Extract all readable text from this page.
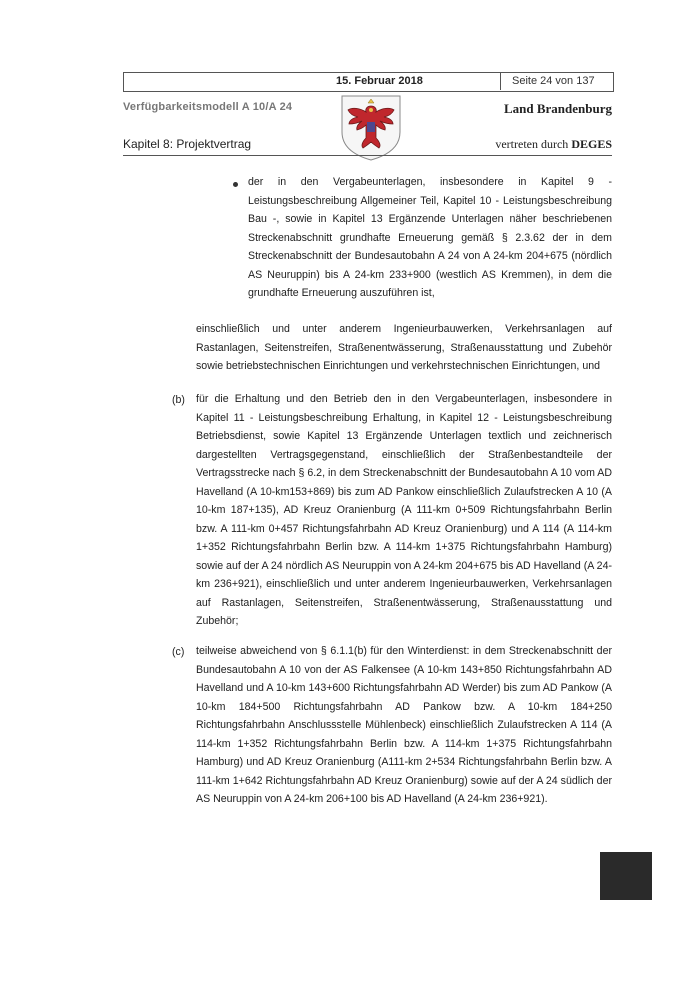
15. Februar 2018	Seite 24 von 137
Verfügbarkeitsmodell A 10/A 24
Kapitel 8: Projektvertrag
Land Brandenburg
vertreten durch DEGES
der in den Vergabeunterlagen, insbesondere in Kapitel 9 - Leistungsbeschreibung Allgemeiner Teil, Kapitel 10 - Leistungsbeschreibung Bau -, sowie in Kapitel 13 Ergänzende Unterlagen näher beschriebenen Streckenabschnitt grundhafte Erneuerung gemäß § 2.3.62 der in dem Streckenabschnitt der Bundesautobahn A 24 von A 24-km 204+675 (nördlich AS Neuruppin) bis A 24-km 233+900 (westlich AS Kremmen), in dem die grundhafte Erneuerung auszuführen ist,
einschließlich und unter anderem Ingenieurbauwerken, Verkehrsanlagen auf Rastanlagen, Seitenstreifen, Straßenentwässerung, Straßenausstattung und Zubehör sowie betriebstechnischen Einrichtungen und verkehrstechnischen Einrichtungen, und
(b) für die Erhaltung und den Betrieb den in den Vergabeunterlagen, insbesondere in Kapitel 11 - Leistungsbeschreibung Erhaltung, in Kapitel 12 - Leistungsbeschreibung Betriebsdienst, sowie Kapitel 13 Ergänzende Unterlagen textlich und zeichnerisch dargestellten Vertragsgegenstand, einschließlich der Straßenbestandteile der Vertragsstrecke nach § 6.2, in dem Streckenabschnitt der Bundesautobahn A 10 vom AD Havelland (A 10-km153+869) bis zum AD Pankow einschließlich Zulaufstrecken A 10 (A 10-km 187+135), AD Kreuz Oranienburg (A 111-km 0+509 Richtungsfahrbahn Berlin bzw. A 111-km 0+457 Richtungsfahrbahn AD Kreuz Oranienburg) und A 114 (A 114-km 1+352 Richtungsfahrbahn Berlin bzw. A 114-km 1+375 Richtungsfahrbahn Hamburg) sowie auf der A 24 nördlich AS Neuruppin von A 24-km 204+675 bis AD Havelland (A 24-km 236+921), einschließlich und unter anderem Ingenieurbauwerken, Verkehrsanlagen auf Rastanlagen, Seitenstreifen, Straßenentwässerung, Straßenausstattung und Zubehör;
(c) teilweise abweichend von § 6.1.1(b) für den Winterdienst: in dem Streckenabschnitt der Bundesautobahn A 10 von der AS Falkensee (A 10-km 143+850 Richtungsfahrbahn AD Havelland und A 10-km 143+600 Richtungsfahrbahn AD Werder) bis zum AD Pankow (A 10-km 184+500 Richtungsfahrbahn AD Pankow bzw. A 10-km 184+250 Richtungsfahrbahn Anschlussstelle Mühlenbeck) einschließlich Zulaufstrecken A 114 (A 114-km 1+352 Richtungsfahrbahn Berlin bzw. A 114-km 1+375 Richtungsfahrbahn Hamburg) und AD Kreuz Oranienburg (A111-km 2+534 Richtungsfahrbahn Berlin bzw. A 111-km 1+642 Richtungsfahrbahn AD Kreuz Oranienburg) sowie auf der A 24 südlich der AS Neuruppin von A 24-km 206+100 bis AD Havelland (A 24-km 236+921).
